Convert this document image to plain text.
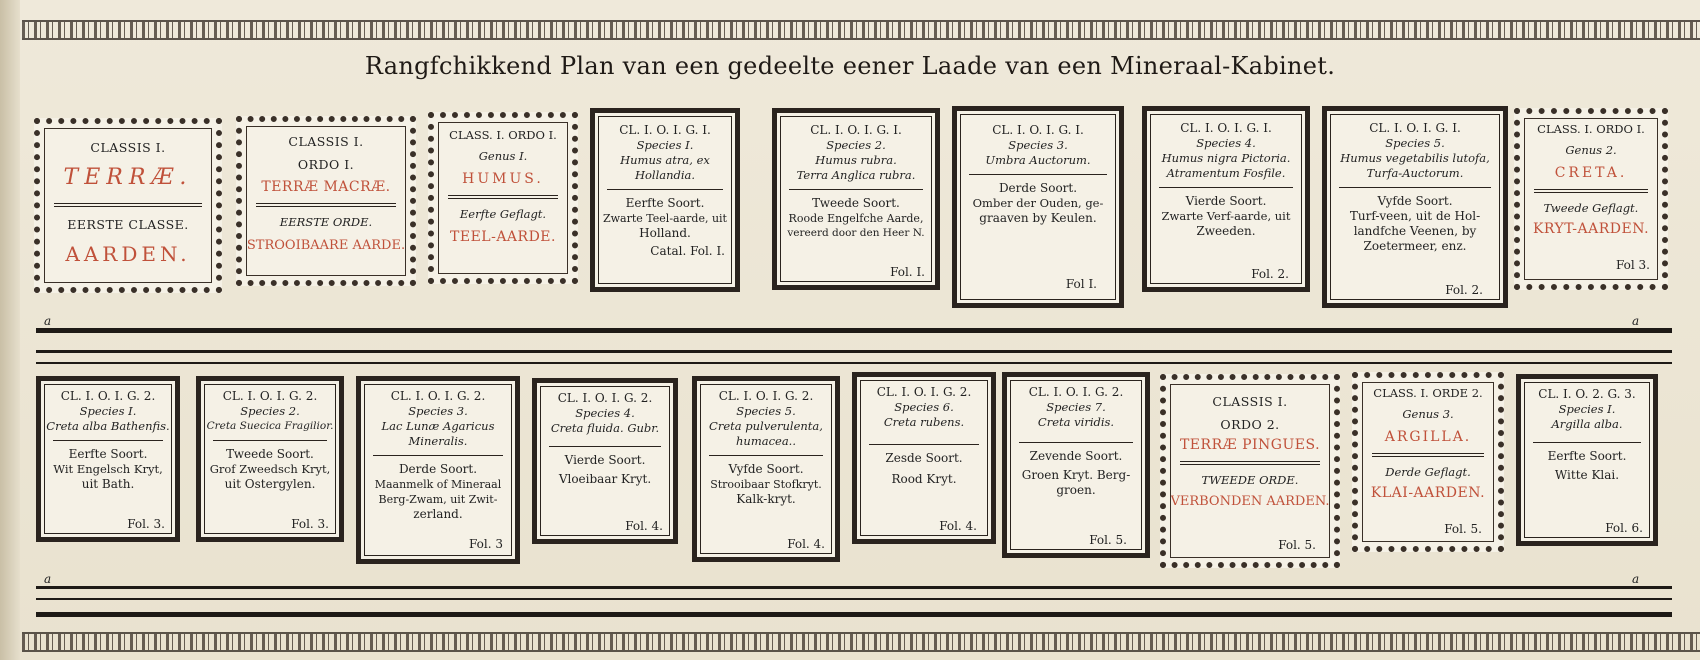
Rangfchikkend Plan van een gedeelte eener Laade van een Mineraal-Kabinet.
CLASSIS I.
TERRÆ.
EERSTE CLASSE.
AARDEN.
CLASSIS I.
ORDO I.
TERRÆ MACRÆ.
EERSTE ORDE.
STROOIBAARE AARDE.
CLASS. I. ORDO I.
Genus I.
HUMUS.
Eerfte Geflagt.
TEEL-AARDE.
CL. I. O. I. G. I.
Species I.
Humus atra, ex
Hollandia.
Eerfte Soort.
Zwarte Teel-aarde, uit
Holland.
Catal. Fol. I.
CL. I. O. I. G. I.
Species 2.
Humus rubra.
Terra Anglica rubra.
Tweede Soort.
Roode Engelfche Aarde,
vereerd door den Heer N.
Fol. I.
CL. I. O. I. G. I.
Species 3.
Umbra Auctorum.
Derde Soort.
Omber der Ouden, ge-
graaven by Keulen.
Fol I.
CL. I. O. I. G. I.
Species 4.
Humus nigra Pictoria.
Atramentum Fosfile.
Vierde Soort.
Zwarte Verf-aarde, uit
Zweeden.
Fol. 2.
CL. I. O. I. G. I.
Species 5.
Humus vegetabilis lutofa,
Turfa-Auctorum.
Vyfde Soort.
Turf-veen, uit de Hol-
landfche Veenen, by
Zoetermeer, enz.
Fol. 2.
CLASS. I. ORDO I.
Genus 2.
CRETA.
Tweede Geflagt.
KRYT-AARDEN.
Fol 3.
a	a
CL. I. O. I. G. 2.
Species I.
Creta alba Bathenfis.
Eerfte Soort.
Wit Engelsch Kryt,
uit Bath.
Fol. 3.
CL. I. O. I. G. 2.
Species 2.
Creta Suecica Fragilior.
Tweede Soort.
Grof Zweedsch Kryt,
uit Ostergylen.
Fol. 3.
CL. I. O. I. G. 2.
Species 3.
Lac Lunæ Agaricus
Mineralis.
Derde Soort.
Maanmelk of Mineraal
Berg-Zwam, uit Zwit-
zerland.
Fol. 3
CL. I. O. I. G. 2.
Species 4.
Creta fluida. Gubr.
Vierde Soort.
Vloeibaar Kryt.
Fol. 4.
CL. I. O. I. G. 2.
Species 5.
Creta pulverulenta,
humacea..
Vyfde Soort.
Strooibaar Stofkryt.
Kalk-kryt.
Fol. 4.
CL. I. O. I. G. 2.
Species 6.
Creta rubens.
Zesde Soort.
Rood Kryt.
Fol. 4.
CL. I. O. I. G. 2.
Species 7.
Creta viridis.
Zevende Soort.
Groen Kryt. Berg-
groen.
Fol. 5.
CLASSIS I.
ORDO 2.
TERRÆ PINGUES.
TWEEDE ORDE.
VERBONDEN AARDEN.
Fol. 5.
CLASS. I. ORDE 2.
Genus 3.
ARGILLA.
Derde Geflagt.
KLAI-AARDEN.
Fol. 5.
CL. I. O. 2. G. 3.
Species I.
Argilla alba.
Eerfte Soort.
Witte Klai.
Fol. 6.
a	a
